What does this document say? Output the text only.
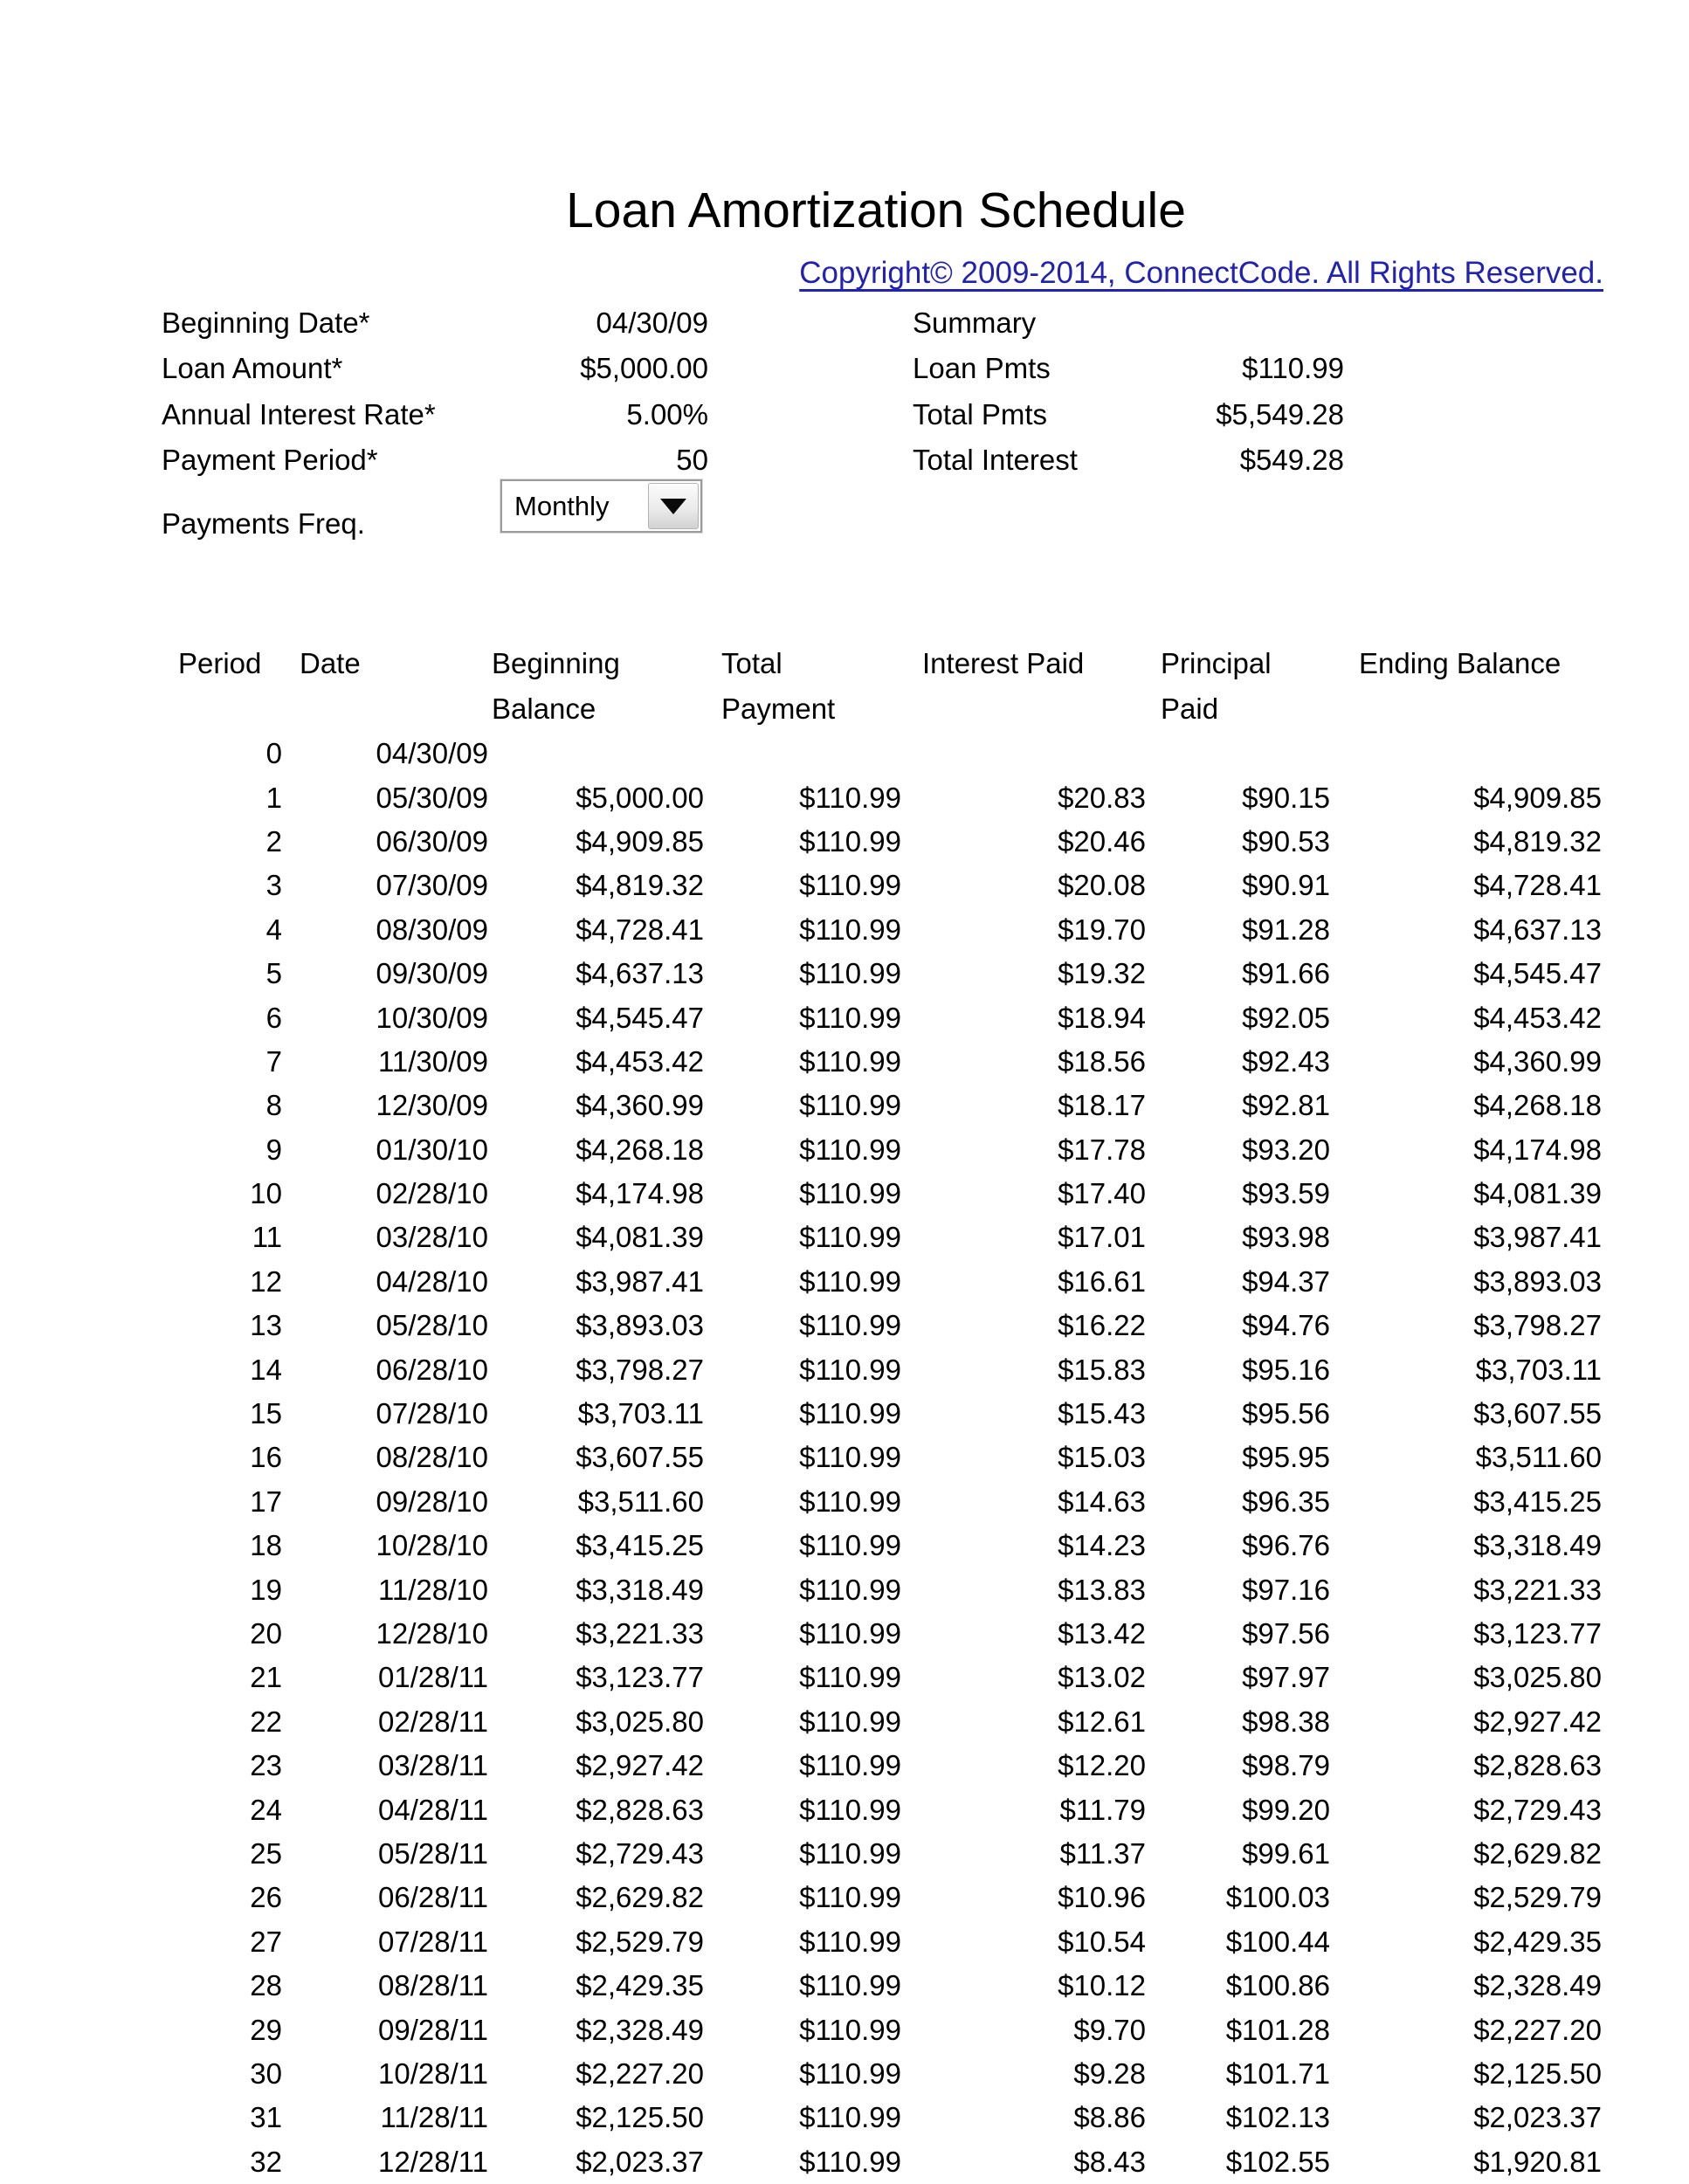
Loan Amortization Schedule
Copyright© 2009-2014, ConnectCode. All Rights Reserved.
Beginning Date*	04/30/09
Loan Amount*	$5,000.00
Annual Interest Rate*	5.00%
Payment Period*	50
Payments Freq.
Monthly
Summary
Loan Pmts	$110.99
Total Pmts	$5,549.28
Total Interest	$549.28
Period	Date	Beginning
Balance
Total
Payment
Interest Paid	Principal
Paid
Ending Balance
0	04/30/09
1	05/30/09	$5,000.00	$110.99	$20.83	$90.15	$4,909.85
2	06/30/09	$4,909.85	$110.99	$20.46	$90.53	$4,819.32
3	07/30/09	$4,819.32	$110.99	$20.08	$90.91	$4,728.41
4	08/30/09	$4,728.41	$110.99	$19.70	$91.28	$4,637.13
5	09/30/09	$4,637.13	$110.99	$19.32	$91.66	$4,545.47
6	10/30/09	$4,545.47	$110.99	$18.94	$92.05	$4,453.42
7	11/30/09	$4,453.42	$110.99	$18.56	$92.43	$4,360.99
8	12/30/09	$4,360.99	$110.99	$18.17	$92.81	$4,268.18
9	01/30/10	$4,268.18	$110.99	$17.78	$93.20	$4,174.98
10	02/28/10	$4,174.98	$110.99	$17.40	$93.59	$4,081.39
11	03/28/10	$4,081.39	$110.99	$17.01	$93.98	$3,987.41
12	04/28/10	$3,987.41	$110.99	$16.61	$94.37	$3,893.03
13	05/28/10	$3,893.03	$110.99	$16.22	$94.76	$3,798.27
14	06/28/10	$3,798.27	$110.99	$15.83	$95.16	$3,703.11
15	07/28/10	$3,703.11	$110.99	$15.43	$95.56	$3,607.55
16	08/28/10	$3,607.55	$110.99	$15.03	$95.95	$3,511.60
17	09/28/10	$3,511.60	$110.99	$14.63	$96.35	$3,415.25
18	10/28/10	$3,415.25	$110.99	$14.23	$96.76	$3,318.49
19	11/28/10	$3,318.49	$110.99	$13.83	$97.16	$3,221.33
20	12/28/10	$3,221.33	$110.99	$13.42	$97.56	$3,123.77
21	01/28/11	$3,123.77	$110.99	$13.02	$97.97	$3,025.80
22	02/28/11	$3,025.80	$110.99	$12.61	$98.38	$2,927.42
23	03/28/11	$2,927.42	$110.99	$12.20	$98.79	$2,828.63
24	04/28/11	$2,828.63	$110.99	$11.79	$99.20	$2,729.43
25	05/28/11	$2,729.43	$110.99	$11.37	$99.61	$2,629.82
26	06/28/11	$2,629.82	$110.99	$10.96	$100.03	$2,529.79
27	07/28/11	$2,529.79	$110.99	$10.54	$100.44	$2,429.35
28	08/28/11	$2,429.35	$110.99	$10.12	$100.86	$2,328.49
29	09/28/11	$2,328.49	$110.99	$9.70	$101.28	$2,227.20
30	10/28/11	$2,227.20	$110.99	$9.28	$101.71	$2,125.50
31	11/28/11	$2,125.50	$110.99	$8.86	$102.13	$2,023.37
32	12/28/11	$2,023.37	$110.99	$8.43	$102.55	$1,920.81
